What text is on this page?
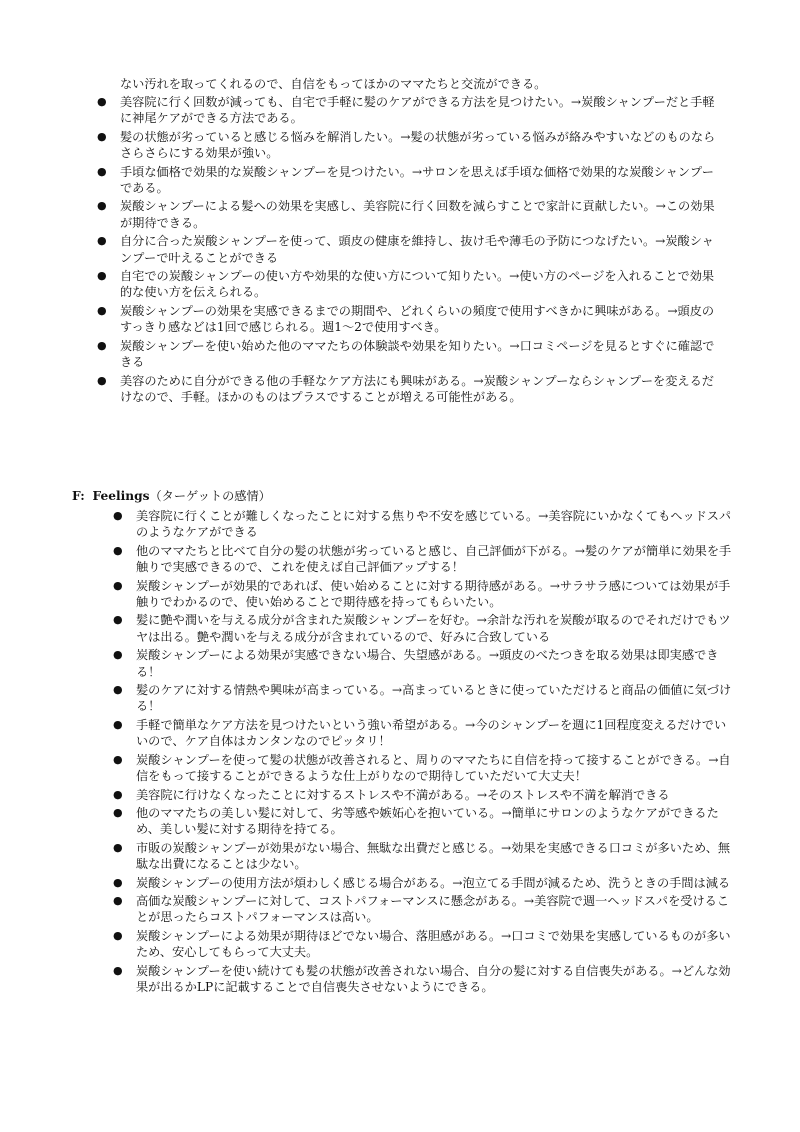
ない汚れを取ってくれるので、自信をもってほかのママたちと交流ができる。

● 美容院に行く回数が減っても、自宅で手軽に髪のケアができる方法を見つけたい。→炭酸シャンプーだと手軽に神尾ケアができる方法である。
● 髪の状態が劣っていると感じる悩みを解消したい。→髪の状態が劣っている悩みが絡みやすいなどのものならさらさらにする効果が強い。
● 手頃な価格で効果的な炭酸シャンプーを見つけたい。→サロンを思えば手頃な価格で効果的な炭酸シャンプーである。
● 炭酸シャンプーによる髪への効果を実感し、美容院に行く回数を減らすことで家計に貢献したい。→この効果が期待できる。
● 自分に合った炭酸シャンプーを使って、頭皮の健康を維持し、抜け毛や薄毛の予防につなげたい。→炭酸シャンプーで叶えることができる
● 自宅での炭酸シャンプーの使い方や効果的な使い方について知りたい。→使い方のページを入れることで効果的な使い方を伝えられる。
● 炭酸シャンプーの効果を実感できるまでの期間や、どれくらいの頻度で使用すべきかに興味がある。→頭皮のすっきり感などは1回で感じられる。週1～2で使用すべき。
● 炭酸シャンプーを使い始めた他のママたちの体験談や効果を知りたい。→口コミページを見るとすぐに確認できる
● 美容のために自分ができる他の手軽なケア方法にも興味がある。→炭酸シャンプーならシャンプーを変えるだけなので、手軽。ほかのものはプラスですることが増える可能性がある。
F: Feelings（ターゲットの感情）
● 美容院に行くことが難しくなったことに対する焦りや不安を感じている。→美容院にいかなくてもヘッドスパのようなケアができる
● 他のママたちと比べて自分の髪の状態が劣っていると感じ、自己評価が下がる。→髪のケアが簡単に効果を手触りで実感できるので、これを使えば自己評価アップする！
● 炭酸シャンプーが効果的であれば、使い始めることに対する期待感がある。→サラサラ感については効果が手触りでわかるので、使い始めることで期待感を持ってもらいたい。
● 髪に艶や潤いを与える成分が含まれた炭酸シャンプーを好む。→余計な汚れを炭酸が取るのでそれだけでもツヤは出る。艶や潤いを与える成分が含まれているので、好みに合致している
● 炭酸シャンプーによる効果が実感できない場合、失望感がある。→頭皮のべたつきを取る効果は即実感できる！
● 髪のケアに対する情熱や興味が高まっている。→高まっているときに使っていただけると商品の価値に気づける！
● 手軽で簡単なケア方法を見つけたいという強い希望がある。→今のシャンプーを週に1回程度変えるだけでいいので、ケア自体はカンタンなのでピッタリ！
● 炭酸シャンプーを使って髪の状態が改善されると、周りのママたちに自信を持って接することができる。→自信をもって接することができるような仕上がりなので期待していただいて大丈夫！
● 美容院に行けなくなったことに対するストレスや不満がある。→そのストレスや不満を解消できる
● 他のママたちの美しい髪に対して、劣等感や嫉妬心を抱いている。→簡単にサロンのようなケアができるため、美しい髪に対する期待を持てる。
● 市販の炭酸シャンプーが効果がない場合、無駄な出費だと感じる。→効果を実感できる口コミが多いため、無駄な出費になることは少ない。
● 炭酸シャンプーの使用方法が煩わしく感じる場合がある。→泡立てる手間が減るため、洗うときの手間は減る
● 高価な炭酸シャンプーに対して、コストパフォーマンスに懸念がある。→美容院で週一ヘッドスパを受けることが思ったらコストパフォーマンスは高い。
● 炭酸シャンプーによる効果が期待ほどでない場合、落胆感がある。→口コミで効果を実感しているものが多いため、安心してもらって大丈夫。
● 炭酸シャンプーを使い続けても髪の状態が改善されない場合、自分の髪に対する自信喪失がある。→どんな効果が出るかLPに記載することで自信喪失させないようにできる。
